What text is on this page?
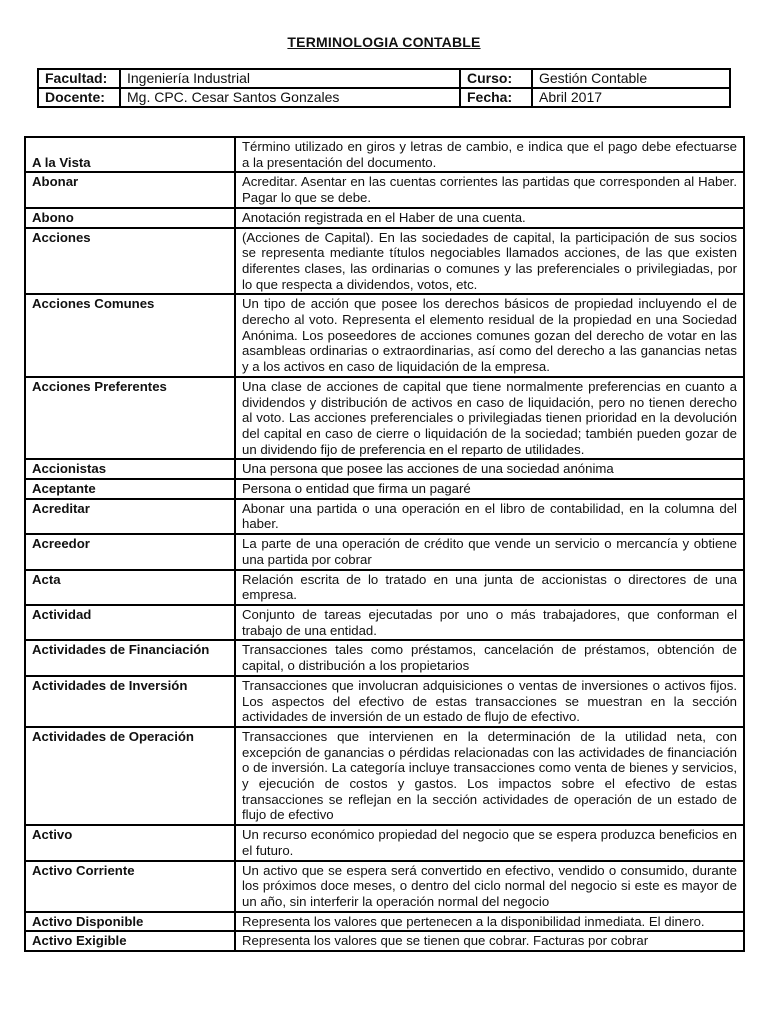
TERMINOLOGIA CONTABLE
Facultad:	Ingeniería Industrial	Curso:	Gestión Contable
Docente:	Mg. CPC. Cesar Santos Gonzales	Fecha:	Abril 2017
A la Vista	Término utilizado en giros y letras de cambio, e indica que el pago debe efectuarse a la presentación del documento.
Abonar	Acreditar. Asentar en las cuentas corrientes las partidas que corresponden al Haber. Pagar lo que se debe.
Abono	Anotación registrada en el Haber de una cuenta.
Acciones	(Acciones de Capital). En las sociedades de capital, la participación de sus socios se representa mediante títulos negociables llamados acciones, de las que existen diferentes clases, las ordinarias o comunes y las preferenciales o privilegiadas, por lo que respecta a dividendos, votos, etc.
Acciones Comunes	Un tipo de acción que posee los derechos básicos de propiedad incluyendo el de derecho al voto. Representa el elemento residual de la propiedad en una Sociedad Anónima. Los poseedores de acciones comunes gozan del derecho de votar en las asambleas ordinarias o extraordinarias, así como del derecho a las ganancias netas y a los activos en caso de liquidación de la empresa.
Acciones Preferentes	Una clase de acciones de capital que tiene normalmente preferencias en cuanto a dividendos y distribución de activos en caso de liquidación, pero no tienen derecho al voto. Las acciones preferenciales o privilegiadas tienen prioridad en la devolución del capital en caso de cierre o liquidación de la sociedad; también pueden gozar de un dividendo fijo de preferencia en el reparto de utilidades.
Accionistas	Una persona que posee las acciones de una sociedad anónima
Aceptante	Persona o entidad que firma un pagaré
Acreditar	Abonar una partida o una operación en el libro de contabilidad, en la columna del haber.
Acreedor	La parte de una operación de crédito que vende un servicio o mercancía y obtiene una partida por cobrar
Acta	Relación escrita de lo tratado en una junta de accionistas o directores de una empresa.
Actividad	Conjunto de tareas ejecutadas por uno o más trabajadores, que conforman el trabajo de una entidad.
Actividades de Financiación	Transacciones tales como préstamos, cancelación de préstamos, obtención de capital, o distribución a los propietarios
Actividades de Inversión	Transacciones que involucran adquisiciones o ventas de inversiones o activos fijos. Los aspectos del efectivo de estas transacciones se muestran en la sección actividades de inversión de un estado de flujo de efectivo.
Actividades de Operación	Transacciones que intervienen en la determinación de la utilidad neta, con excepción de ganancias o pérdidas relacionadas con las actividades de financiación o de inversión. La categoría incluye transacciones como venta de bienes y servicios, y ejecución de costos y gastos. Los impactos sobre el efectivo de estas transacciones se reflejan en la sección actividades de operación de un estado de flujo de efectivo
Activo	Un recurso económico propiedad del negocio que se espera produzca beneficios en el futuro.
Activo Corriente	Un activo que se espera será convertido en efectivo, vendido o consumido, durante los próximos doce meses, o dentro del ciclo normal del negocio si este es mayor de un año, sin interferir la operación normal del negocio
Activo Disponible	Representa los valores que pertenecen a la disponibilidad inmediata. El dinero.
Activo Exigible	Representa los valores que se tienen que cobrar. Facturas por cobrar
